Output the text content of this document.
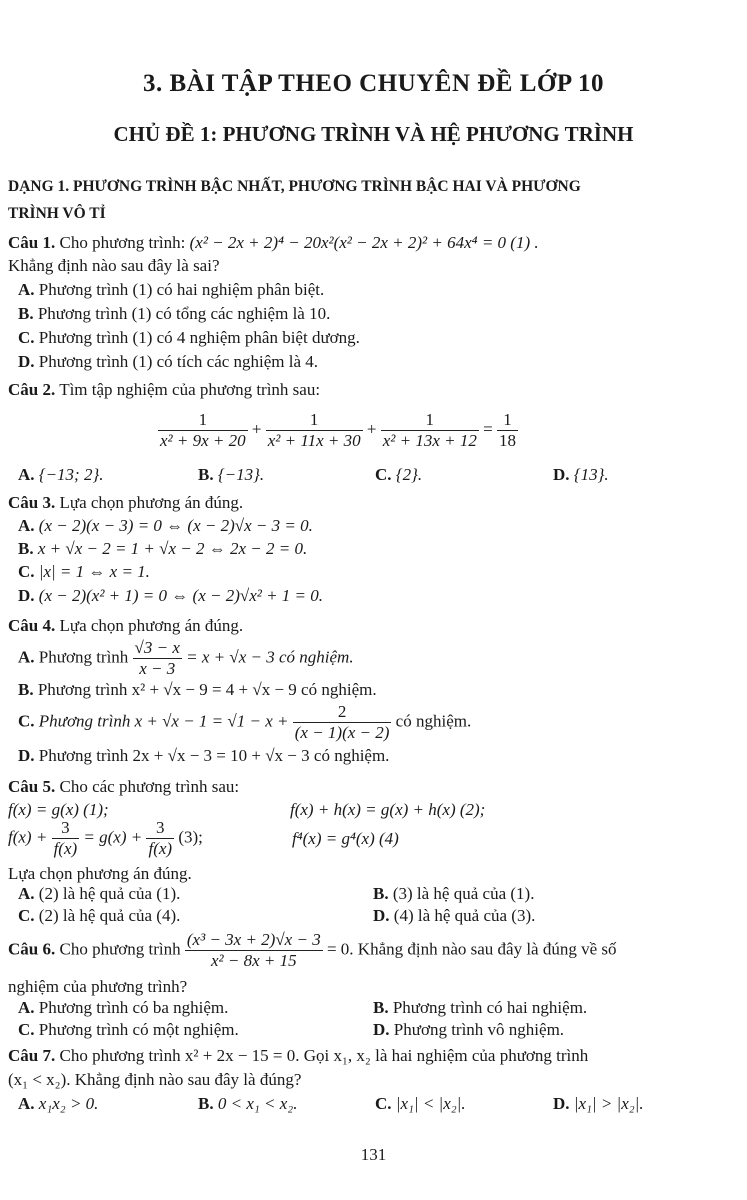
3. BÀI TẬP THEO CHUYÊN ĐỀ LỚP 10
CHỦ ĐỀ 1: PHƯƠNG TRÌNH VÀ HỆ PHƯƠNG TRÌNH
DẠNG 1. PHƯƠNG TRÌNH BẬC NHẤT, PHƯƠNG TRÌNH BẬC HAI VÀ PHƯƠNG
TRÌNH VÔ TỈ
Câu 1. Cho phương trình: (x² − 2x + 2)⁴ − 20x²(x² − 2x + 2)² + 64x⁴ = 0 (1) .
Khẳng định nào sau đây là sai?
A. Phương trình (1) có hai nghiệm phân biệt.
B. Phương trình (1) có tổng các nghiệm là 10.
C. Phương trình (1) có 4 nghiệm phân biệt dương.
D. Phương trình (1) có tích các nghiệm là 4.
Câu 2. Tìm tập nghiệm của phương trình sau:
$\frac{1}{\text{x² + 9x + 20}} + \frac{1}{\text{x² + 11x + 30}} + \frac{1}{\text{x² + 13x + 12}} = \frac{1}{18}$
A. {−13; 2}.	B. {−13}.	C. {2}.	D. {13}.
Câu 3. Lựa chọn phương án đúng.
A. (x − 2)(x − 3) = 0 ⇔ (x − 2)√x − 3 = 0.
B. x + √x − 2 = 1 + √x − 2 ⇔ 2x − 2 = 0.
C. |x| = 1 ⇔ x = 1.
D. (x − 2)(x² + 1) = 0 ⇔ (x − 2)√x² + 1 = 0.
Câu 4. Lựa chọn phương án đúng.
A. Phương trình $\frac{√3 - x}{x - 3} = x + √x - 3$ có nghiệm.
B. Phương trình x² + √x − 9 = 4 + √x − 9 có nghiệm.
C. Phương trình $x + √x - 1 = √1 - x + \frac{2}{(x - 1)(x - 2)}$ có nghiệm.
D. Phương trình 2x + √x − 3 = 10 + √x − 3 có nghiệm.
Câu 5. Cho các phương trình sau:
f(x) = g(x) (1);	f(x) + h(x) = g(x) + h(x) (2);
$f(x) + \frac{3}{f(x)} = g(x) + \frac{3}{f(x)} (3)$;	f⁴(x) = g⁴(x) (4)
Lựa chọn phương án đúng.
A. (2) là hệ quả của (1).	B. (3) là hệ quả của (1).
C. (2) là hệ quả của (4).	D. (4) là hệ quả của (3).
Câu 6. Cho phương trình $\frac{\text{(x³ − 3x + 2)√x − 3}}{\text{x² − 8x + 15}} = 0$. Khẳng định nào sau đây là đúng về số
nghiệm của phương trình?
A. Phương trình có ba nghiệm.	B. Phương trình có hai nghiệm.
C. Phương trình có một nghiệm.	D. Phương trình vô nghiệm.
Câu 7. Cho phương trình x² + 2x − 15 = 0. Gọi x₁, x₂ là hai nghiệm của phương trình
(x₁ < x₂). Khẳng định nào sau đây là đúng?
A. x₁x₂ > 0.	B. 0 < x₁ < x₂.	C. |x₁| < |x₂|.	D. |x₁| > |x₂|.
131
